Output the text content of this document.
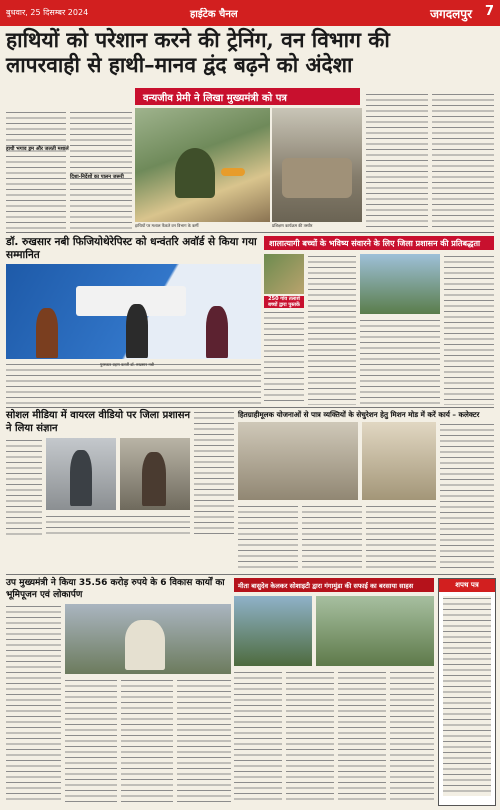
बुधवार, 25 दिसम्बर 2024	हाईटेक चैनल	जगदलपुर 7
हाथियों को परेशान करने की ट्रेनिंग, वन विभाग की
लापरवाही से हाथी–मानव द्वंद बढ़ने को अंदेशा
हाथी भगाव ड्रम और जलती मशालें
दिशा-निर्देशों का पालन जरूरी
वन्यजीव प्रेमी ने लिखा मुख्यमंत्री को पत्र
हाथियों पर मशाल फेंकते वन विभाग के कर्मी	प्रशिक्षण कार्यक्रम की तस्वीर
डॉ. रुखसार नबी फिजियोथेरेपिस्ट को धन्वंतरि अवॉर्ड से किया गया सम्मानित
पुरस्कार ग्रहण करतीं डॉ. रुखसार नबी
शालात्यागी बच्चों के भविष्य संवारने के लिए जिला प्रशासन की प्रतिबद्धता
250 गांव तलाशे बच्चों द्वारा पुस्तकें
सोशल मीडिया में वायरल वीडियो पर जिला प्रशासन ने लिया संज्ञान
हितग्राहीमूलक योजनाओं से पात्र व्यक्तियों के सेचुरेशन हेतु मिशन मोड में करें कार्य – कलेक्टर
उप मुख्यमंत्री ने किया 35.56 करोड़ रुपये के 6 विकास कार्यों का भूमिपूजन एवं लोकार्पण
मीता बासुदेव केलकर सोशाइटी द्वारा गंगामुंडा की सफाई का बरसाया साहस	शपथ पत्र
